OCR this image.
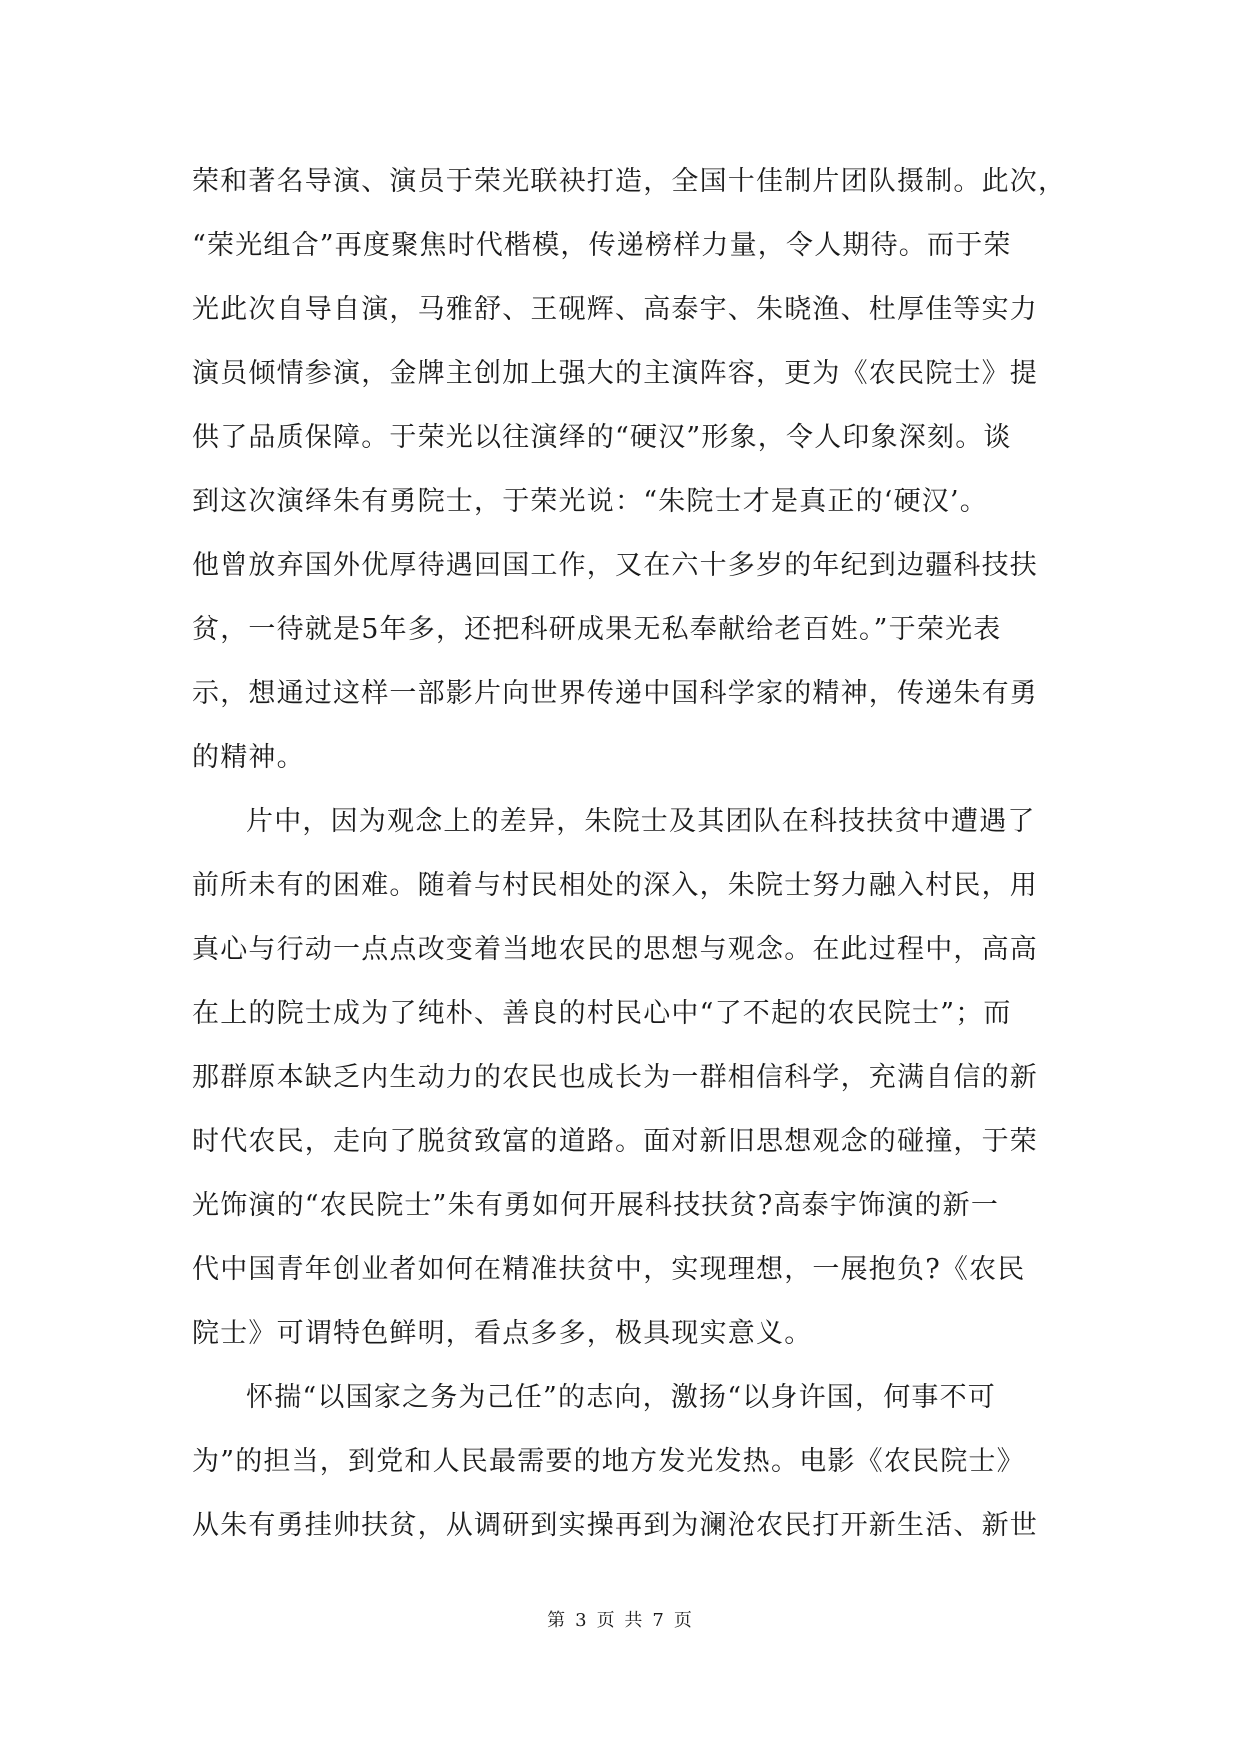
荣和著名导演、演员于荣光联袂打造，全国十佳制片团队摄制。此次，
“荣光组合”再度聚焦时代楷模，传递榜样力量，令人期待。而于荣
光此次自导自演，马雅舒、王砚辉、高泰宇、朱晓渔、杜厚佳等实力
演员倾情参演，金牌主创加上强大的主演阵容，更为《农民院士》提
供了品质保障。于荣光以往演绎的“硬汉”形象，令人印象深刻。谈
到这次演绎朱有勇院士，于荣光说：“朱院士才是真正的‘硬汉’。
他曾放弃国外优厚待遇回国工作，又在六十多岁的年纪到边疆科技扶
贫，一待就是5年多，还把科研成果无私奉献给老百姓。”于荣光表
示，想通过这样一部影片向世界传递中国科学家的精神，传递朱有勇
的精神。

片中，因为观念上的差异，朱院士及其团队在科技扶贫中遭遇了
前所未有的困难。随着与村民相处的深入，朱院士努力融入村民，用
真心与行动一点点改变着当地农民的思想与观念。在此过程中，高高
在上的院士成为了纯朴、善良的村民心中“了不起的农民院士”；而
那群原本缺乏内生动力的农民也成长为一群相信科学，充满自信的新
时代农民，走向了脱贫致富的道路。面对新旧思想观念的碰撞，于荣
光饰演的“农民院士”朱有勇如何开展科技扶贫?高泰宇饰演的新一
代中国青年创业者如何在精准扶贫中，实现理想，一展抱负?《农民
院士》可谓特色鲜明，看点多多，极具现实意义。

怀揣“以国家之务为己任”的志向，激扬“以身许国，何事不可
为”的担当，到党和人民最需要的地方发光发热。电影《农民院士》
从朱有勇挂帅扶贫，从调研到实操再到为澜沧农民打开新生活、新世

第 3 页 共 7 页
